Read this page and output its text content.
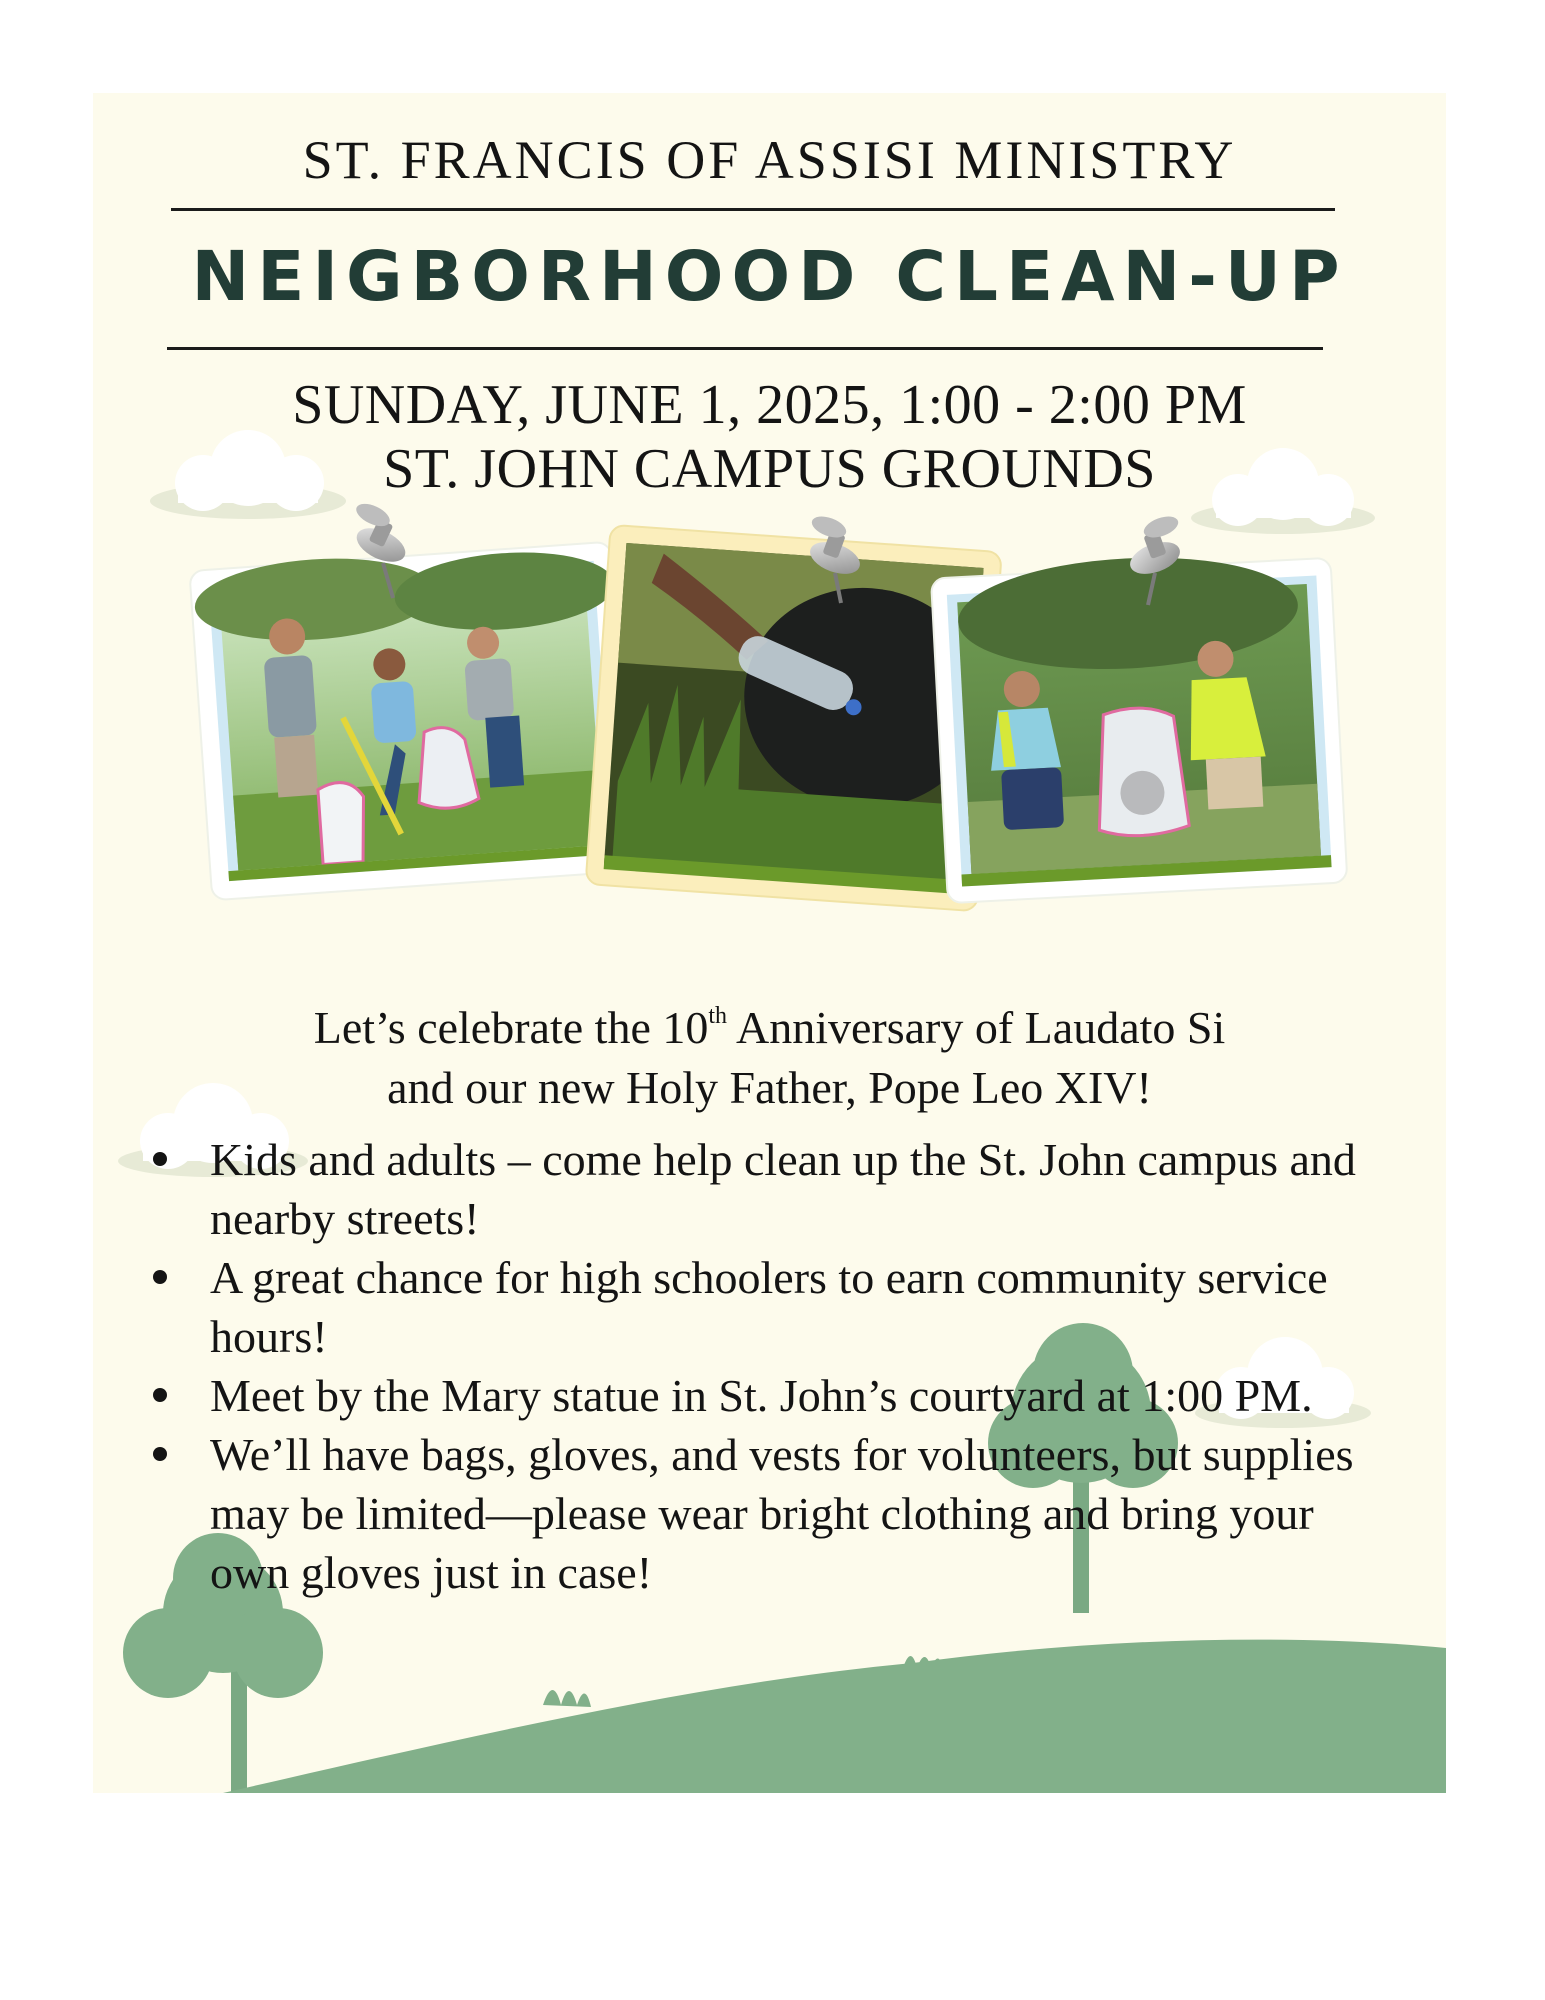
ST. FRANCIS OF ASSISI MINISTRY
NEIGBORHOOD CLEAN-UP
SUNDAY, JUNE 1, 2025, 1:00 - 2:00 PM
ST. JOHN CAMPUS GROUNDS
Let’s celebrate the 10th Anniversary of Laudato Si
and our new Holy Father, Pope Leo XIV!
Kids and adults – come help clean up the St. John campus and nearby streets!
A great chance for high schoolers to earn community service hours!
Meet by the Mary statue in St. John’s courtyard at 1:00 PM.
We’ll have bags, gloves, and vests for volunteers, but supplies may be limited—please wear bright clothing and bring your own gloves just in case!
